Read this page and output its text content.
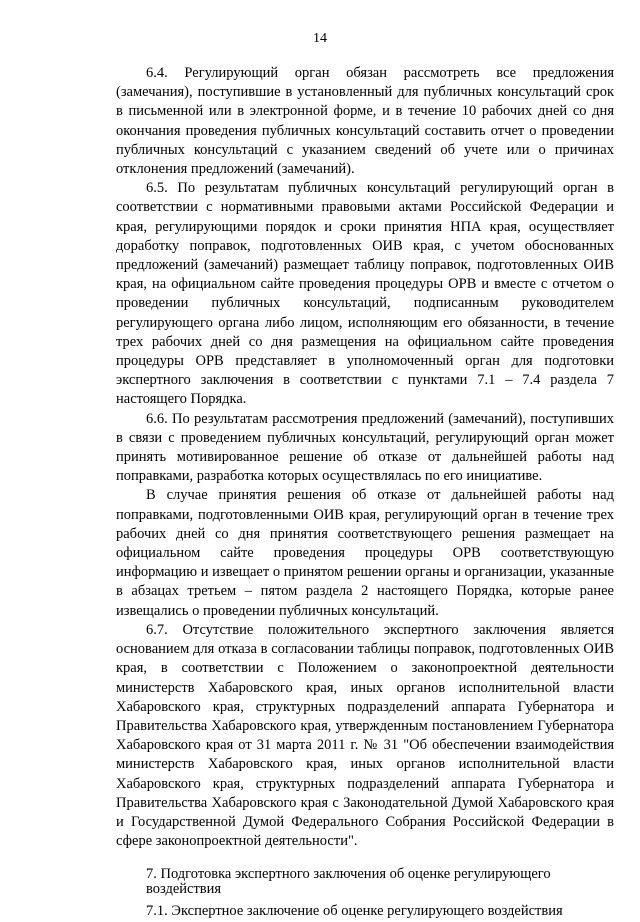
14

6.4. Регулирующий орган обязан рассмотреть все предложения (замечания), поступившие в установленный для публичных консультаций срок в письменной или в электронной форме, и в течение 10 рабочих дней со дня окончания проведения публичных консультаций составить отчет о проведении публичных консультаций с указанием сведений об учете или о причинах отклонения предложений (замечаний).

6.5. По результатам публичных консультаций регулирующий орган в соответствии с нормативными правовыми актами Российской Федерации и края, регулирующими порядок и сроки принятия НПА края, осуществляет доработку поправок, подготовленных ОИВ края, с учетом обоснованных предложений (замечаний) размещает таблицу поправок, подготовленных ОИВ края, на официальном сайте проведения процедуры ОРВ и вместе с отчетом о проведении публичных консультаций, подписанным руководителем регулирующего органа либо лицом, исполняющим его обязанности, в течение трех рабочих дней со дня размещения на официальном сайте проведения процедуры ОРВ представляет в уполномоченный орган для подготовки экспертного заключения в соответствии с пунктами 7.1 – 7.4 раздела 7 настоящего Порядка.

6.6. По результатам рассмотрения предложений (замечаний), поступивших в связи с проведением публичных консультаций, регулирующий орган может принять мотивированное решение об отказе от дальнейшей работы над поправками, разработка которых осуществлялась по его инициативе.

В случае принятия решения об отказе от дальнейшей работы над поправками, подготовленными ОИВ края, регулирующий орган в течение трех рабочих дней со дня принятия соответствующего решения размещает на официальном сайте проведения процедуры ОРВ соответствующую информацию и извещает о принятом решении органы и организации, указанные в абзацах третьем – пятом раздела 2 настоящего Порядка, которые ранее извещались о проведении публичных консультаций.

6.7. Отсутствие положительного экспертного заключения является основанием для отказа в согласовании таблицы поправок, подготовленных ОИВ края, в соответствии с Положением о законопроектной деятельности министерств Хабаровского края, иных органов исполнительной власти Хабаровского края, структурных подразделений аппарата Губернатора и Правительства Хабаровского края, утвержденным постановлением Губернатора Хабаровского края от 31 марта 2011 г. № 31 "Об обеспечении взаимодействия министерств Хабаровского края, иных органов исполнительной власти Хабаровского края, структурных подразделений аппарата Губернатора и Правительства Хабаровского края с Законодательной Думой Хабаровского края и Государственной Думой Федерального Собрания Российской Федерации в сфере законопроектной деятельности".

7. Подготовка экспертного заключения об оценке регулирующего воздействия

7.1. Экспертное заключение об оценке регулирующего воздействия
